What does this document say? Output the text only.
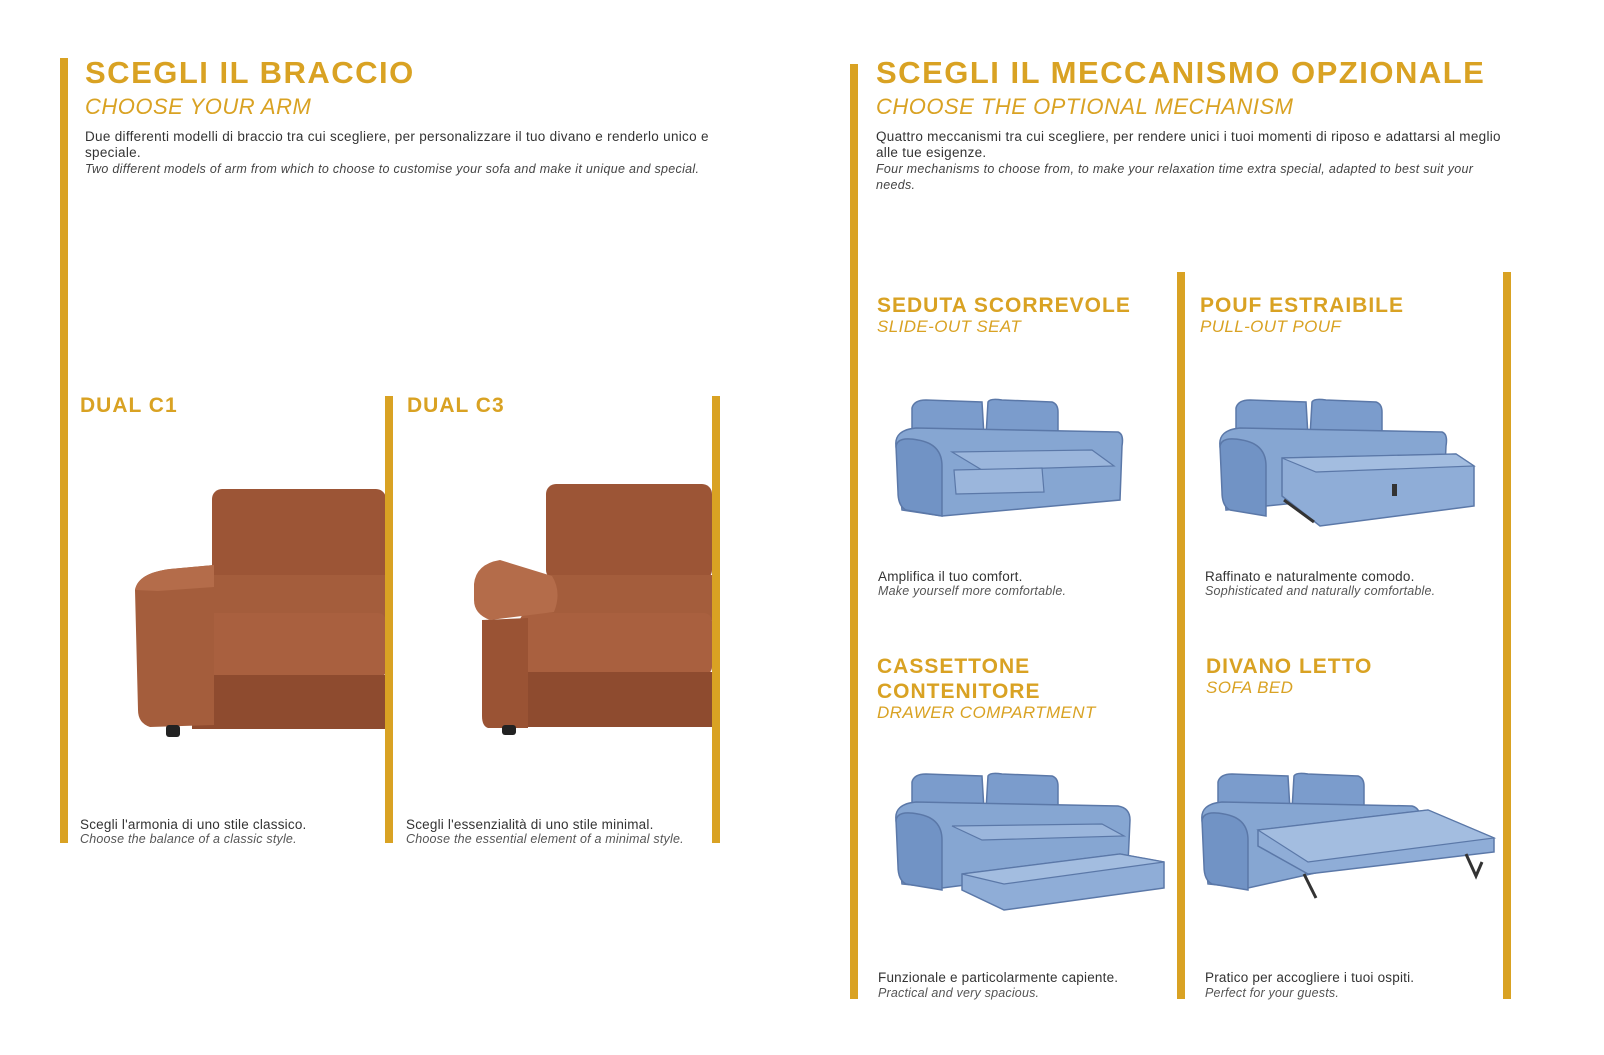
SCEGLI IL BRACCIO
CHOOSE YOUR ARM
Due differenti modelli di braccio tra cui scegliere, per personalizzare il tuo divano e renderlo unico e speciale.
Two different models of arm from which to choose to customise your sofa and make it unique and special.
DUAL C1
Scegli l'armonia di uno stile classico.
Choose the balance of a classic style.
DUAL C3
Scegli l'essenzialità di uno stile minimal.
Choose the essential element of a minimal style.
SCEGLI IL MECCANISMO OPZIONALE
CHOOSE THE OPTIONAL MECHANISM
Quattro meccanismi tra cui scegliere, per rendere unici i tuoi momenti di riposo e adattarsi al meglio alle tue esigenze.
Four mechanisms to choose from, to make your relaxation time extra special, adapted to best suit your needs.
SEDUTA SCORREVOLE
SLIDE-OUT SEAT
Amplifica il tuo comfort.
Make yourself more comfortable.
POUF ESTRAIBILE
PULL-OUT POUF
Raffinato e naturalmente comodo.
Sophisticated and naturally comfortable.
CASSETTONE
CONTENITORE
DRAWER COMPARTMENT
Funzionale e particolarmente capiente.
Practical and very spacious.
DIVANO LETTO
SOFA BED
Pratico per accogliere i tuoi ospiti.
Perfect for your guests.
